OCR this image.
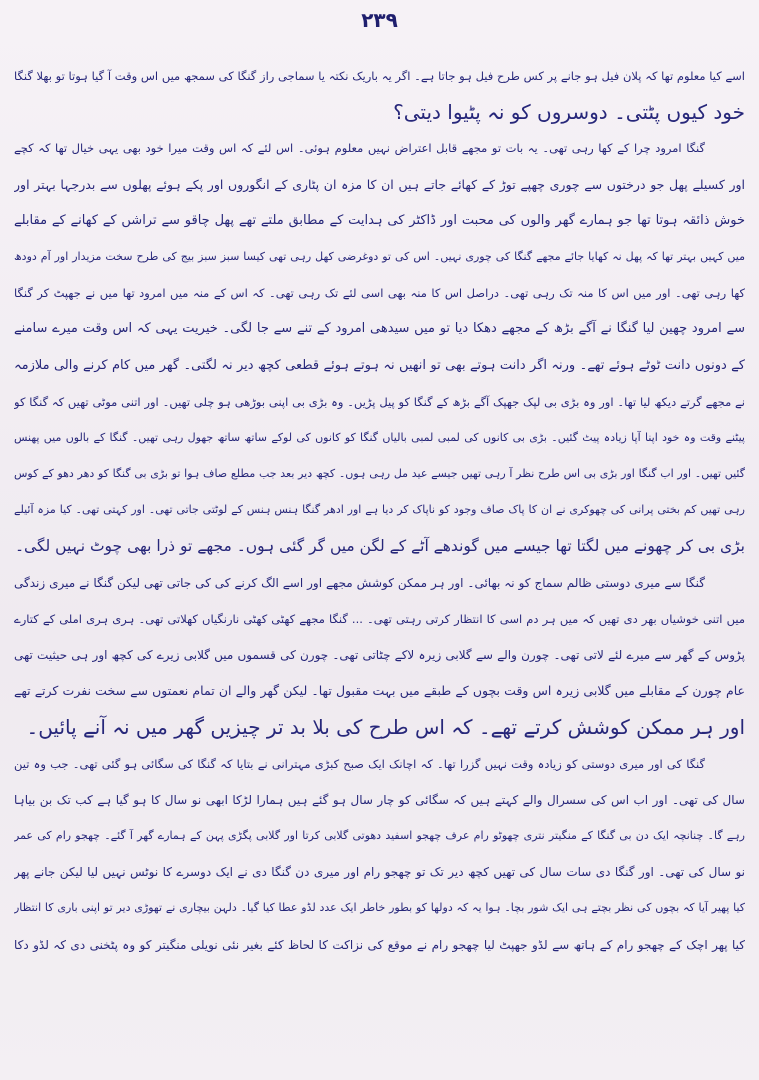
۲۳۹
اسے کیا معلوم تھا کہ پلان فیل ہو جانے پر کس طرح فیل ہو جاتا ہے۔ اگر یہ باریک نکتہ یا سماجی راز گنگا کی سمجھ میں اس وقت آ گیا ہوتا تو بھلا گنگا
خود کیوں پٹتی۔ دوسروں کو نہ پٹیوا دیتی؟
گنگا امرود چرا کے کھا رہی تھی۔ یہ بات تو مجھے قابل اعتراض نہیں معلوم ہوئی۔ اس لئے کہ اس وقت میرا خود بھی یہی خیال تھا کہ کچے
اور کسیلے پھل جو درختوں سے چوری چھپے توڑ کے کھائے جاتے ہیں ان کا مزہ ان پٹاری کے انگوروں اور پکے ہوئے پھلوں سے بدرجہا بہتر اور
خوش ذائقہ ہوتا تھا جو ہمارے گھر والوں کی محبت اور ڈاکٹر کی ہدایت کے مطابق ملتے تھے پھل چاقو سے تراشں کے کھانے کے مقابلے
میں کہیں بہتر تھا کہ پھل نہ کھایا جائے مجھے گنگا کی چوری نہیں۔ اس کی تو دوغرضی کھل رہی تھی کیسا سبز سبز بیج کی طرح سخت مزیدار اور آم دودھ
کھا رہی تھی۔ اور میں اس کا منہ تک رہی تھی۔ دراصل اس کا منہ بھی اسی لئے تک رہی تھی۔ کہ اس کے منہ میں امرود تھا میں نے جھپٹ کر گنگا
سے امرود چھین لیا گنگا نے آگے بڑھ کے مجھے دھکا دیا تو میں سیدھی امرود کے تنے سے جا لگی۔ خیریت یہی کہ اس وقت میرے سامنے
کے دونوں دانت ٹوٹے ہوئے تھے۔ ورنہ اگر دانت ہوتے بھی تو انھیں نہ ہوتے ہوئے قطعی کچھ دیر نہ لگتی۔ گھر میں کام کرنے والی ملازمہ
نے مجھے گرتے دیکھ لیا تھا۔ اور وہ بڑی بی لپک جھپک آگے بڑھ کے گنگا کو پیل پڑیں۔ وہ بڑی بی اپنی بوڑھی ہو چلی تھیں۔ اور اتنی موٹی تھیں کہ گنگا کو
پیٹنے وقت وہ خود اپنا آپا زیادہ پیٹ گئیں۔ بڑی بی کانوں کی لمبی لمبی بالیاں گنگا کو کانوں کی لوکے ساتھ ساتھ جھول رہی تھیں۔ گنگا کے بالوں میں پھنس
گئیں تھیں۔ اور اب گنگا اور بڑی بی اس طرح نظر آ رہی تھیں جیسے عید مل رہی ہوں۔ کچھ دیر بعد جب مطلع صاف ہوا تو بڑی بی گنگا کو دھر دھو کے کوس
رہی تھیں کم بختی پرانی کی چھوکری نے ان کا پاک صاف وجود کو ناپاک کر دیا ہے اور ادھر گنگا ہنس ہنس کے لوٹتی جاتی تھی۔ اور کہتی تھی۔ کیا مزہ آئیلے
بڑی بی کر چھونے میں لگتا تھا جیسے میں گوندھے آٹے کے لگن میں گر گئی ہوں۔ مجھے تو ذرا بھی چوٹ نہیں لگی۔
گنگا سے میری دوستی ظالم سماج کو نہ بھائی۔ اور ہر ممکن کوشش مجھے اور اسے الگ کرنے کی کی جاتی تھی لیکن گنگا نے میری زندگی
میں اتنی خوشیاں بھر دی تھیں کہ میں ہر دم اسی کا انتظار کرتی رہتی تھی۔ ... گنگا مجھے کھٹی کھٹی نارنگیاں کھلاتی تھی۔ ہری ہری املی کے کتارے
پڑوس کے گھر سے میرے لئے لاتی تھی۔ چورن والے سے گلابی زیرہ لاکے چٹاتی تھی۔ چورن کی قسموں میں گلابی زیرے کی کچھ اور ہی حیثیت تھی
عام چورن کے مقابلے میں گلابی زیرہ اس وقت بچوں کے طبقے میں بہت مقبول تھا۔ لیکن گھر والے ان تمام نعمتوں سے سخت نفرت کرتے تھے
اور ہر ممکن کوشش کرتے تھے۔ کہ اس طرح کی بلا بد تر چیزیں گھر میں نہ آنے پائیں۔
گنگا کی اور میری دوستی کو زیادہ وقت نہیں گزرا تھا۔ کہ اچانک ایک صبح کبڑی مہترانی نے بتایا کہ گنگا کی سگائی ہو گئی تھی۔ جب وہ تین
سال کی تھی۔ اور اب اس کی سسرال والے کہتے ہیں کہ سگائی کو چار سال ہو گئے ہیں ہمارا لڑکا ابھی نو سال کا ہو گیا ہے کب تک بن بیاہا
رہے گا۔ چنانچہ ایک دن بی گنگا کے منگیتر نتری چھوٹو رام عرف چھجو اسفید دھوتی گلابی کرتا اور گلابی پگڑی پہن کے ہمارے گھر آ گئے۔ چھجو رام کی عمر
نو سال کی تھی۔ اور گنگا دی سات سال کی تھیں کچھ دیر تک تو چھجو رام اور میری دن گنگا دی نے ایک دوسرے کا نوٹس نہیں لیا لیکن جانے پھر
کیا پھیر آیا کہ بچوں کی نظر بچتے ہی ایک شور بچا۔ ہوا یہ کہ دولھا کو بطور خاطر ایک عدد لڈو عطا کیا گیا۔ دلہن بیچاری نے تھوڑی دیر تو اپنی باری کا انتظار
کیا پھر اچک کے چھجو رام کے ہاتھ سے لڈو جھپٹ لیا چھجو رام نے موقع کی نزاکت کا لحاظ کئے بغیر نئی نویلی منگیتر کو وہ پٹخنی دی کہ لڈو دکا
